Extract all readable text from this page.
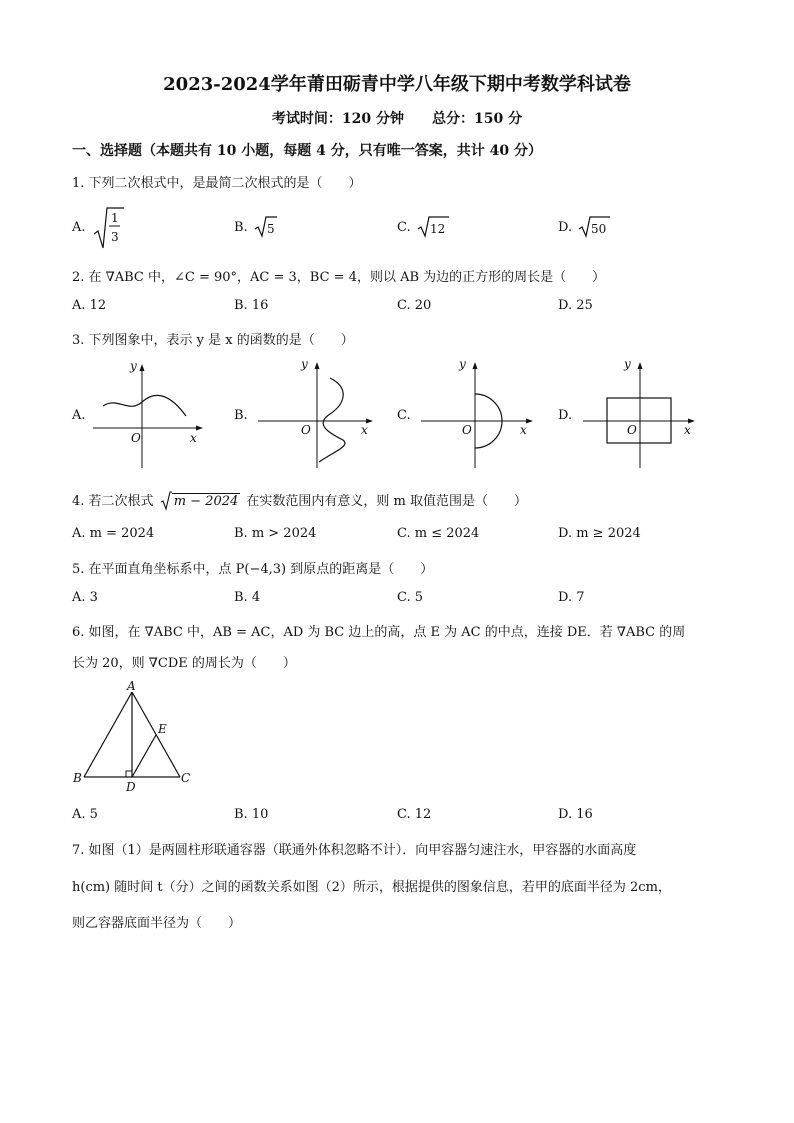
2023-2024学年莆田砺青中学八年级下期中考数学科试卷
考试时间：120 分钟 总分：150 分
一、选择题（本题共有 10 小题，每题 4 分，只有唯一答案，共计 40 分）
1. 下列二次根式中，是最简二次根式的是（　　）
A.
1
3
B. 5	C. 12	D. 50
2. 在 ∇ABC 中，∠C = 90°，AC = 3，BC = 4，则以 AB 为边的正方形的周长是（　　）
A. 12	B. 16	C. 20	D. 25
3. 下列图象中，表示 y 是 x 的函数的是（　　）
A.
y
O	x
B.
y
O	x
C.
y
O	x
D.
y
O	x
4. 若二次根式 m − 2024 在实数范围内有意义，则 m 取值范围是（　　）
A. m = 2024	B. m > 2024	C. m ≤ 2024	D. m ≥ 2024
5. 在平面直角坐标系中，点 P(−4,3) 到原点的距离是（　　）
A. 3	B. 4	C. 5	D. 7
6. 如图，在 ∇ABC 中，AB = AC，AD 为 BC 边上的高，点 E 为 AC 的中点，连接 DE．若 ∇ABC 的周
长为 20，则 ∇CDE 的周长为（　　）
A
B	C
D
E
A. 5	B. 10	C. 12	D. 16
7. 如图（1）是两圆柱形联通容器（联通外体积忽略不计）．向甲容器匀速注水，甲容器的水面高度
h(cm) 随时间 t（分）之间的函数关系如图（2）所示，根据提供的图象信息，若甲的底面半径为 2cm，
则乙容器底面半径为（　　）
